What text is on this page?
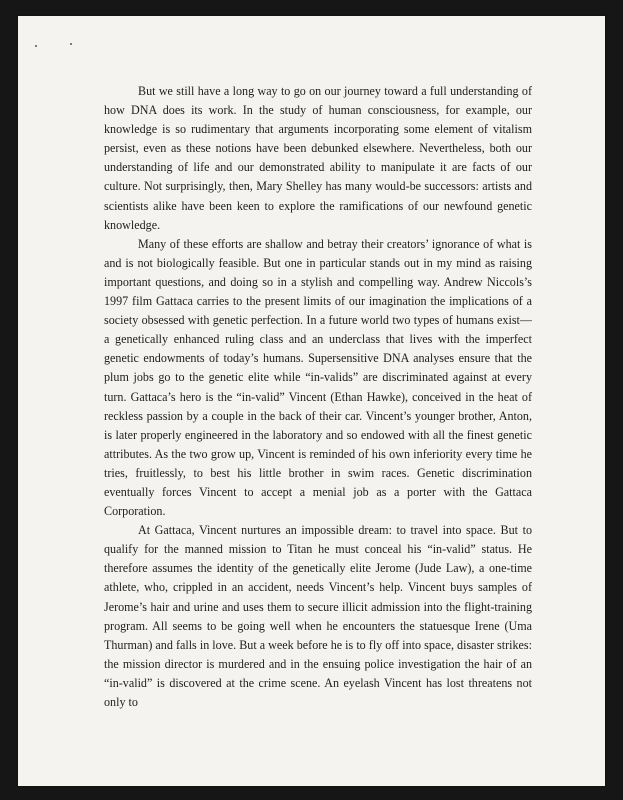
But we still have a long way to go on our journey toward a full understanding of how DNA does its work. In the study of human consciousness, for example, our knowledge is so rudimentary that arguments incorporating some element of vitalism persist, even as these notions have been debunked elsewhere. Nevertheless, both our understanding of life and our demonstrated ability to manipulate it are facts of our culture. Not surprisingly, then, Mary Shelley has many would-be successors: artists and scientists alike have been keen to explore the ramifications of our newfound genetic knowledge.

Many of these efforts are shallow and betray their creators’ ignorance of what is and is not biologically feasible. But one in particular stands out in my mind as raising important questions, and doing so in a stylish and compelling way. Andrew Niccols’s 1997 film Gattaca carries to the present limits of our imagination the implications of a society obsessed with genetic perfection. In a future world two types of humans exist—a genetically enhanced ruling class and an underclass that lives with the imperfect genetic endowments of today’s humans. Supersensitive DNA analyses ensure that the plum jobs go to the genetic elite while “in-valids” are discriminated against at every turn. Gattaca’s hero is the “in-valid” Vincent (Ethan Hawke), conceived in the heat of reckless passion by a couple in the back of their car. Vincent’s younger brother, Anton, is later properly engineered in the laboratory and so endowed with all the finest genetic attributes. As the two grow up, Vincent is reminded of his own inferiority every time he tries, fruitlessly, to best his little brother in swim races. Genetic discrimination eventually forces Vincent to accept a menial job as a porter with the Gattaca Corporation.

At Gattaca, Vincent nurtures an impossible dream: to travel into space. But to qualify for the manned mission to Titan he must conceal his “in-valid” status. He therefore assumes the identity of the genetically elite Jerome (Jude Law), a one-time athlete, who, crippled in an accident, needs Vincent’s help. Vincent buys samples of Jerome’s hair and urine and uses them to secure illicit admission into the flight-training program. All seems to be going well when he encounters the statuesque Irene (Uma Thurman) and falls in love. But a week before he is to fly off into space, disaster strikes: the mission director is murdered and in the ensuing police investigation the hair of an “in-valid” is discovered at the crime scene. An eyelash Vincent has lost threatens not only to
